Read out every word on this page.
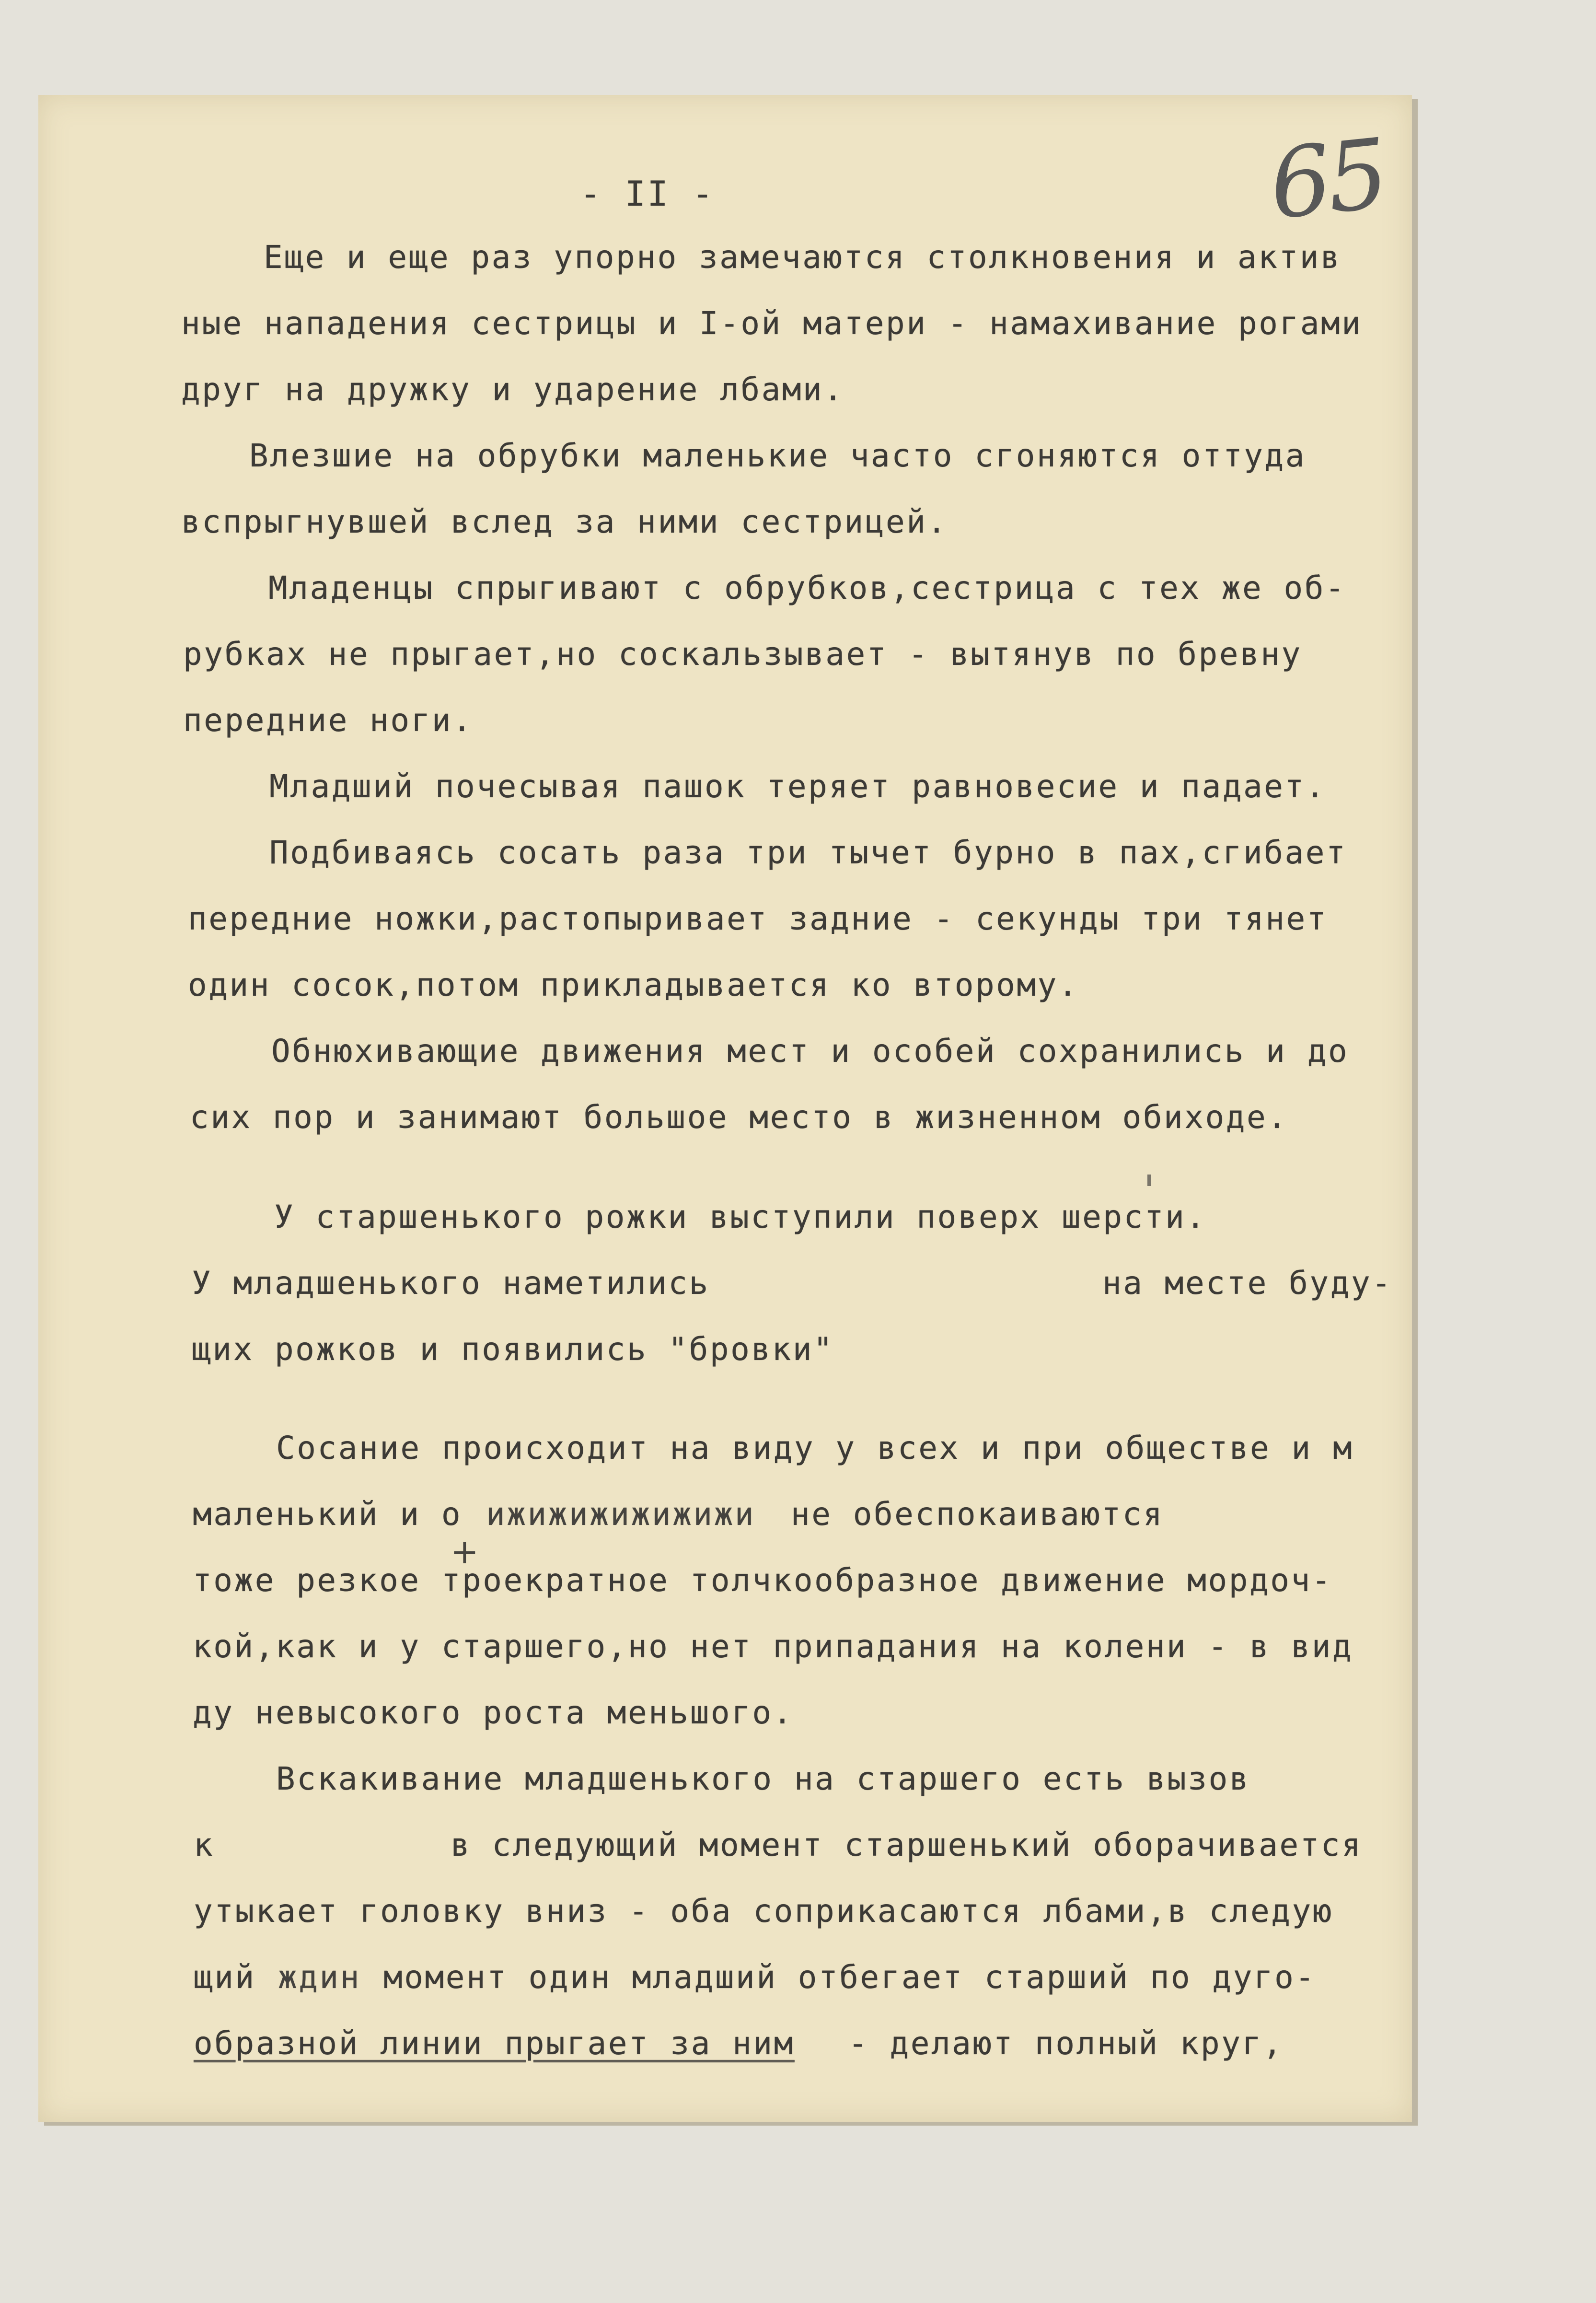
65
- II -
Еще и еще раз упорно замечаются столкновения и актив
ные нападения сестрицы и I-ой матери - намахивание рогами
друг на дружку и ударение лбами.
Влезшие на обрубки маленькие часто сгоняются оттуда
вспрыгнувшей вслед за ними сестрицей.
Младенцы спрыгивают с обрубков,сестрица с тех же об-
рубках не прыгает,но соскальзывает - вытянув по бревну
передние ноги.
Младший почесывая пашок теряет равновесие и падает.
Подбиваясь сосать раза три тычет бурно в пах,сгибает
передние ножки,растопыривает задние - секунды три тянет
один сосок,потом прикладывается ко второму.
Обнюхивающие движения мест и особей сохранились и до
сих пор и занимают большое место в жизненном обиходе.
У старшенького рожки выступили поверх шерсти.
У младшенького наметились	на месте буду-
щих рожков и появились "бровки"
Сосание происходит на виду у всех и при обществе и м
маленький и о ижижижижижижи не обеспокаиваются
+
тоже резкое троекратное толчкообразное движение мордоч-
кой,как и у старшего,но нет припадания на колени - в вид
ду невысокого роста меньшого.
Вскакивание младшенького на старшего есть вызов
к	в следующий момент старшенький оборачивается
утыкает головку вниз - оба соприкасаются лбами,в следую
щий ждин момент один младший отбегает старший по дуго-
образной линии прыгает за ним - делают полный круг,
